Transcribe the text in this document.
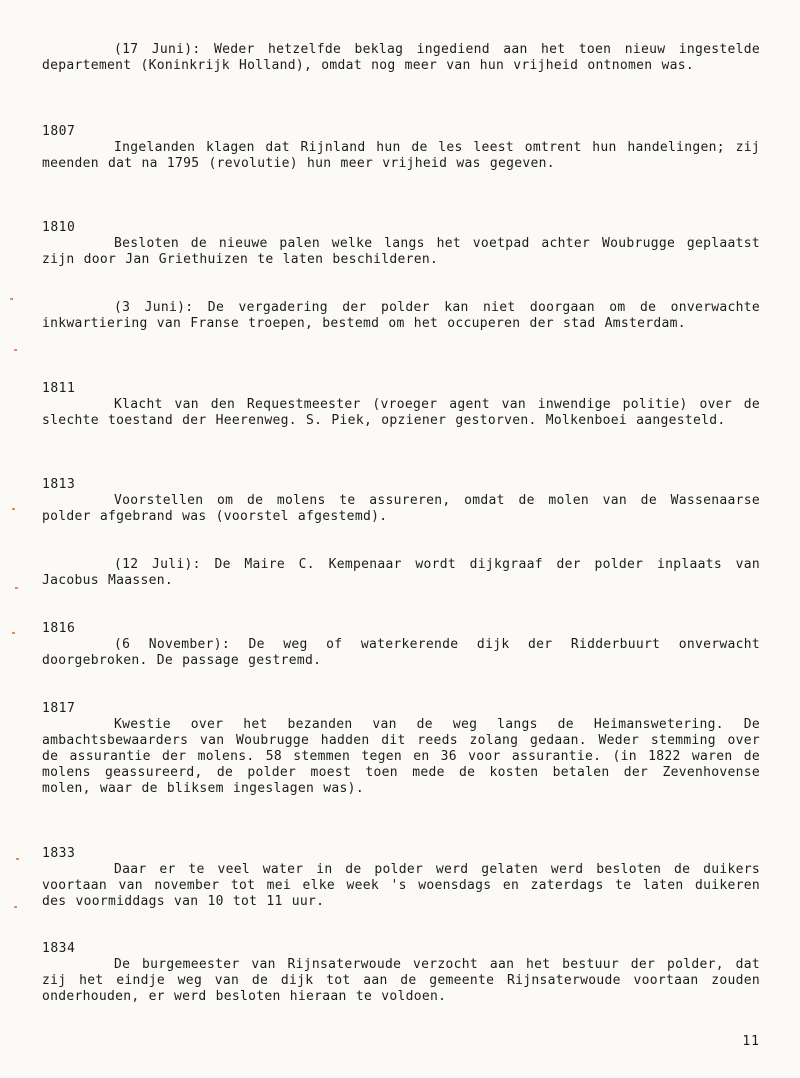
(17 Juni): Weder hetzelfde beklag ingediend aan het toen nieuw ingestelde departement (Koninkrijk Holland), omdat nog meer van hun vrijheid ontnomen was.

1807

Ingelanden klagen dat Rijnland hun de les leest omtrent hun handelingen; zij meenden dat na 1795 (revolutie) hun meer vrijheid was gegeven.

1810

Besloten de nieuwe palen welke langs het voetpad achter Woubrugge geplaatst zijn door Jan Griethuizen te laten beschilderen.

(3 Juni): De vergadering der polder kan niet doorgaan om de onverwachte inkwartiering van Franse troepen, bestemd om het occuperen der stad Amsterdam.

1811

Klacht van den Requestmeester (vroeger agent van inwendige politie) over de slechte toestand der Heerenweg. S. Piek, opziener gestorven. Molkenboei aangesteld.

1813

Voorstellen om de molens te assureren, omdat de molen van de Wassenaarse polder afgebrand was (voorstel afgestemd).

(12 Juli): De Maire C. Kempenaar wordt dijkgraaf der polder inplaats van Jacobus Maassen.

1816

(6 November): De weg of waterkerende dijk der Ridderbuurt onverwacht doorgebroken. De passage gestremd.

1817

Kwestie over het bezanden van de weg langs de Heimanswetering. De ambachtsbewaarders van Woubrugge hadden dit reeds zolang gedaan. Weder stemming over de assurantie der molens. 58 stemmen tegen en 36 voor assurantie. (in 1822 waren de molens geassureerd, de polder moest toen mede de kosten betalen der Zevenhovense molen, waar de bliksem ingeslagen was).

1833

Daar er te veel water in de polder werd gelaten werd besloten de duikers voortaan van november tot mei elke week 's woensdags en zaterdags te laten duikeren des voormiddags van 10 tot 11 uur.

1834

De burgemeester van Rijnsaterwoude verzocht aan het bestuur der polder, dat zij het eindje weg van de dijk tot aan de gemeente Rijnsaterwoude voortaan zouden onderhouden, er werd besloten hieraan te voldoen.

11
